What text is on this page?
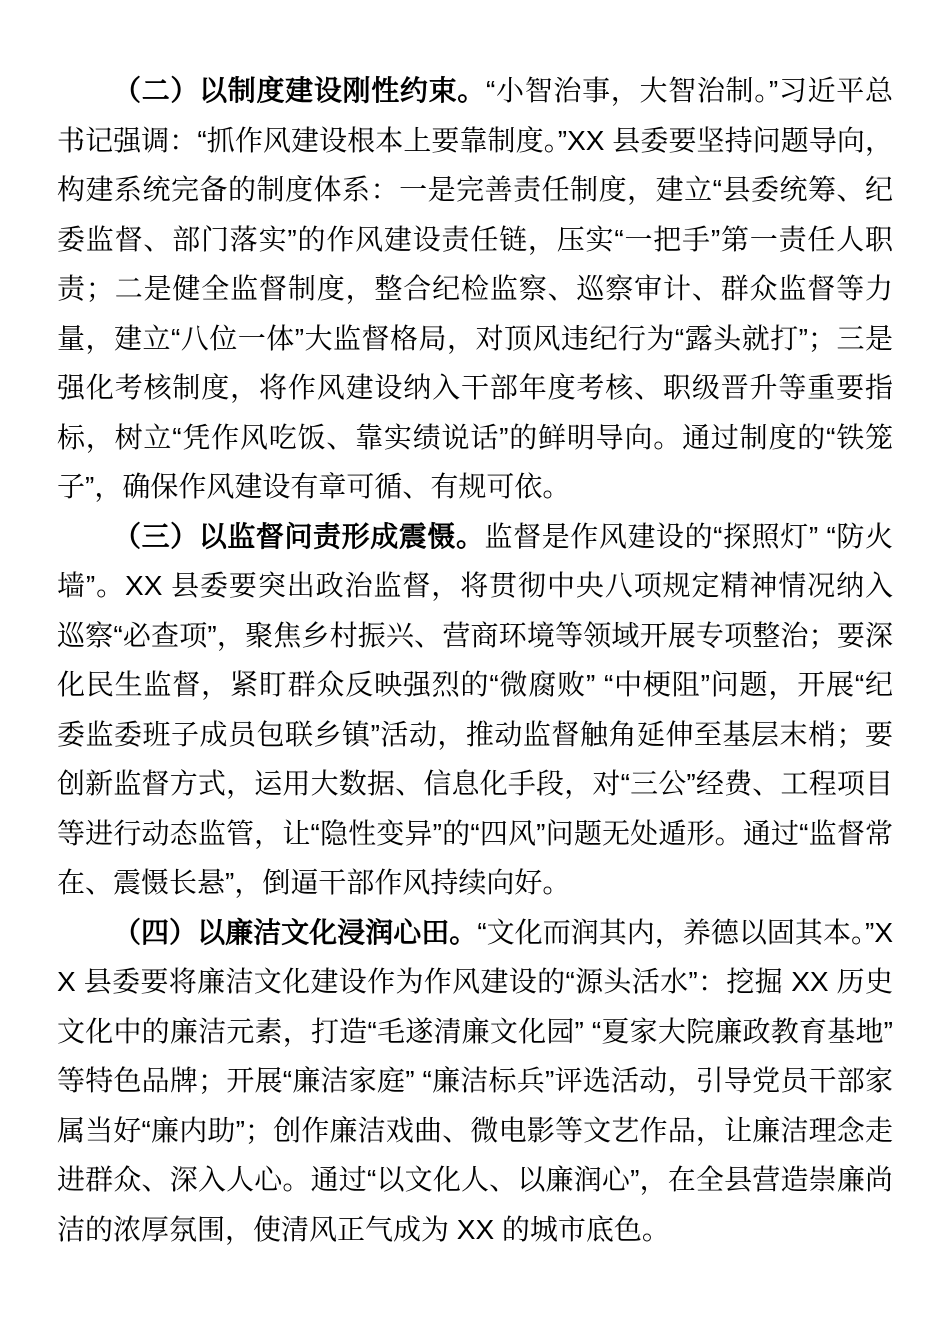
（二）以制度建设刚性约束。“小智治事，大智治制。”习近平总书记强调：“抓作风建设根本上要靠制度。”XX 县委要坚持问题导向，构建系统完备的制度体系：一是完善责任制度，建立“县委统筹、纪委监督、部门落实”的作风建设责任链，压实“一把手”第一责任人职责；二是健全监督制度，整合纪检监察、巡察审计、群众监督等力量，建立“八位一体”大监督格局，对顶风违纪行为“露头就打”；三是强化考核制度，将作风建设纳入干部年度考核、职级晋升等重要指标，树立“凭作风吃饭、靠实绩说话”的鲜明导向。通过制度的“铁笼子”，确保作风建设有章可循、有规可依。

（三）以监督问责形成震慑。监督是作风建设的“探照灯” “防火墙”。XX 县委要突出政治监督，将贯彻中央八项规定精神情况纳入巡察“必查项”，聚焦乡村振兴、营商环境等领域开展专项整治；要深化民生监督，紧盯群众反映强烈的“微腐败” “中梗阻”问题，开展“纪委监委班子成员包联乡镇”活动，推动监督触角延伸至基层末梢；要创新监督方式，运用大数据、信息化手段，对“三公”经费、工程项目等进行动态监管，让“隐性变异”的“四风”问题无处遁形。通过“监督常在、震慑长悬”，倒逼干部作风持续向好。

（四）以廉洁文化浸润心田。“文化而润其内，养德以固其本。”XX 县委要将廉洁文化建设作为作风建设的“源头活水”：挖掘 XX 历史文化中的廉洁元素，打造“毛遂清廉文化园” “夏家大院廉政教育基地”等特色品牌；开展“廉洁家庭” “廉洁标兵”评选活动，引导党员干部家属当好“廉内助”；创作廉洁戏曲、微电影等文艺作品，让廉洁理念走进群众、深入人心。通过“以文化人、以廉润心”，在全县营造崇廉尚洁的浓厚氛围，使清风正气成为 XX 的城市底色。
